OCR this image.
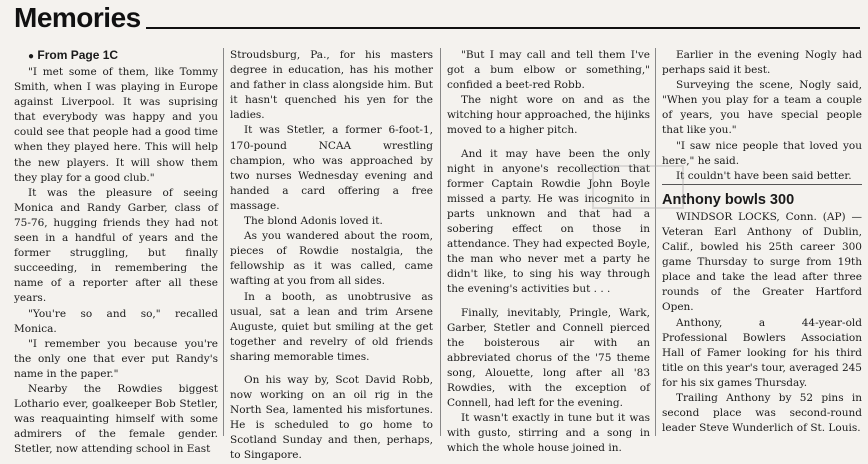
Memories

● From Page 1C

"I met some of them, like Tommy Smith, when I was playing in Europe against Liverpool. It was suprising that everybody was happy and you could see that people had a good time when they played here. This will help the new players. It will show them they play for a good club."

It was the pleasure of seeing Monica and Randy Garber, class of 75-76, hugging friends they had not seen in a handful of years and the former struggling, but finally succeeding, in remembering the name of a reporter after all these years.

"You're so and so," recalled Monica.

"I remember you because you're the only one that ever put Randy's name in the paper."

Nearby the Rowdies biggest Lothario ever, goalkeeper Bob Stetler, was reaquainting himself with some admirers of the female gender. Stetler, now attending school in East

Stroudsburg, Pa., for his masters degree in education, has his mother and father in class alongside him. But it hasn't quenched his yen for the ladies.

It was Stetler, a former 6-foot-1, 170-pound NCAA wrestling champion, who was approached by two nurses Wednesday evening and handed a card offering a free massage.

The blond Adonis loved it.

As you wandered about the room, pieces of Rowdie nostalgia, the fellowship as it was called, came wafting at you from all sides.

In a booth, as unobtrusive as usual, sat a lean and trim Arsene Auguste, quiet but smiling at the get together and revelry of old friends sharing memorable times.

On his way by, Scot David Robb, now working on an oil rig in the North Sea, lamented his misfortunes. He is scheduled to go home to Scotland Sunday and then, perhaps, to Singapore.

"But I may call and tell them I've got a bum elbow or something," confided a beet-red Robb.

The night wore on and as the witching hour approached, the hijinks moved to a higher pitch.

And it may have been the only night in anyone's recollection that former Captain Rowdie John Boyle missed a party. He was incognito in parts unknown and that had a sobering effect on those in attendance. They had expected Boyle, the man who never met a party he didn't like, to sing his way through the evening's activities but . . .

Finally, inevitably, Pringle, Wark, Garber, Stetler and Connell pierced the boisterous air with an abbreviated chorus of the '75 theme song, Alouette, long after all '83 Rowdies, with the exception of Connell, had left for the evening.

It wasn't exactly in tune but it was with gusto, stirring and a song in which the whole house joined in.

Earlier in the evening Nogly had perhaps said it best.

Surveying the scene, Nogly said, "When you play for a team a couple of years, you have special people that like you."

"I saw nice people that loved you here," he said.

It couldn't have been said better.

Anthony bowls 300

WINDSOR LOCKS, Conn. (AP) — Veteran Earl Anthony of Dublin, Calif., bowled his 25th career 300 game Thursday to surge from 19th place and take the lead after three rounds of the Greater Hartford Open.

Anthony, a 44-year-old Professional Bowlers Association Hall of Famer looking for his third title on this year's tour, averaged 245 for his six games Thursday.

Trailing Anthony by 52 pins in second place was second-round leader Steve Wunderlich of St. Louis.
